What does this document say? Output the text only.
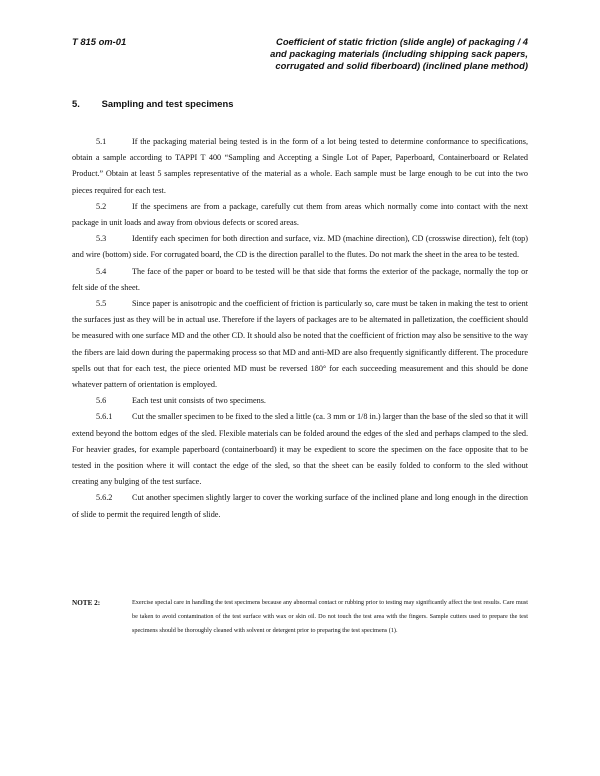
T 815 om-01	Coefficient of static friction (slide angle) of packaging / 4
and packaging materials (including shipping sack papers,
corrugated and solid fiberboard) (inclined plane method)
5. Sampling and test specimens

5.1	If the packaging material being tested is in the form of a lot being tested to determine conformance to specifications, obtain a sample according to TAPPI T 400 “Sampling and Accepting a Single Lot of Paper, Paperboard, Containerboard or Related Product.” Obtain at least 5 samples representative of the material as a whole. Each sample must be large enough to be cut into the two pieces required for each test.

5.2	If the specimens are from a package, carefully cut them from areas which normally come into contact with the next package in unit loads and away from obvious defects or scored areas.

5.3	Identify each specimen for both direction and surface, viz. MD (machine direction), CD (crosswise direction), felt (top) and wire (bottom) side. For corrugated board, the CD is the direction parallel to the flutes. Do not mark the sheet in the area to be tested.

5.4	The face of the paper or board to be tested will be that side that forms the exterior of the package, normally the top or felt side of the sheet.

5.5	Since paper is anisotropic and the coefficient of friction is particularly so, care must be taken in making the test to orient the surfaces just as they will be in actual use. Therefore if the layers of packages are to be alternated in palletization, the coefficient should be measured with one surface MD and the other CD. It should also be noted that the coefficient of friction may also be sensitive to the way the fibers are laid down during the papermaking process so that MD and anti-MD are also frequently significantly different. The procedure spells out that for each test, the piece oriented MD must be reversed 180° for each succeeding measurement and this should be done whatever pattern of orientation is employed.

5.6	Each test unit consists of two specimens.

5.6.1 Cut the smaller specimen to be fixed to the sled a little (ca. 3 mm or 1/8 in.) larger than the base of the sled so that it will extend beyond the bottom edges of the sled. Flexible materials can be folded around the edges of the sled and perhaps clamped to the sled. For heavier grades, for example paperboard (containerboard) it may be expedient to score the specimen on the face opposite that to be tested in the position where it will contact the edge of the sled, so that the sheet can be easily folded to conform to the sled without creating any bulging of the test surface.

5.6.2 Cut another specimen slightly larger to cover the working surface of the inclined plane and long enough in the direction of slide to permit the required length of slide.

NOTE 2:	Exercise special care in handling the test specimens because any abnormal contact or rubbing prior to testing may significantly affect the test results. Care must be taken to avoid contamination of the test surface with wax or skin oil. Do not touch the test area with the fingers. Sample cutters used to prepare the test specimens should be thoroughly cleaned with solvent or detergent prior to preparing the test specimens (1).
